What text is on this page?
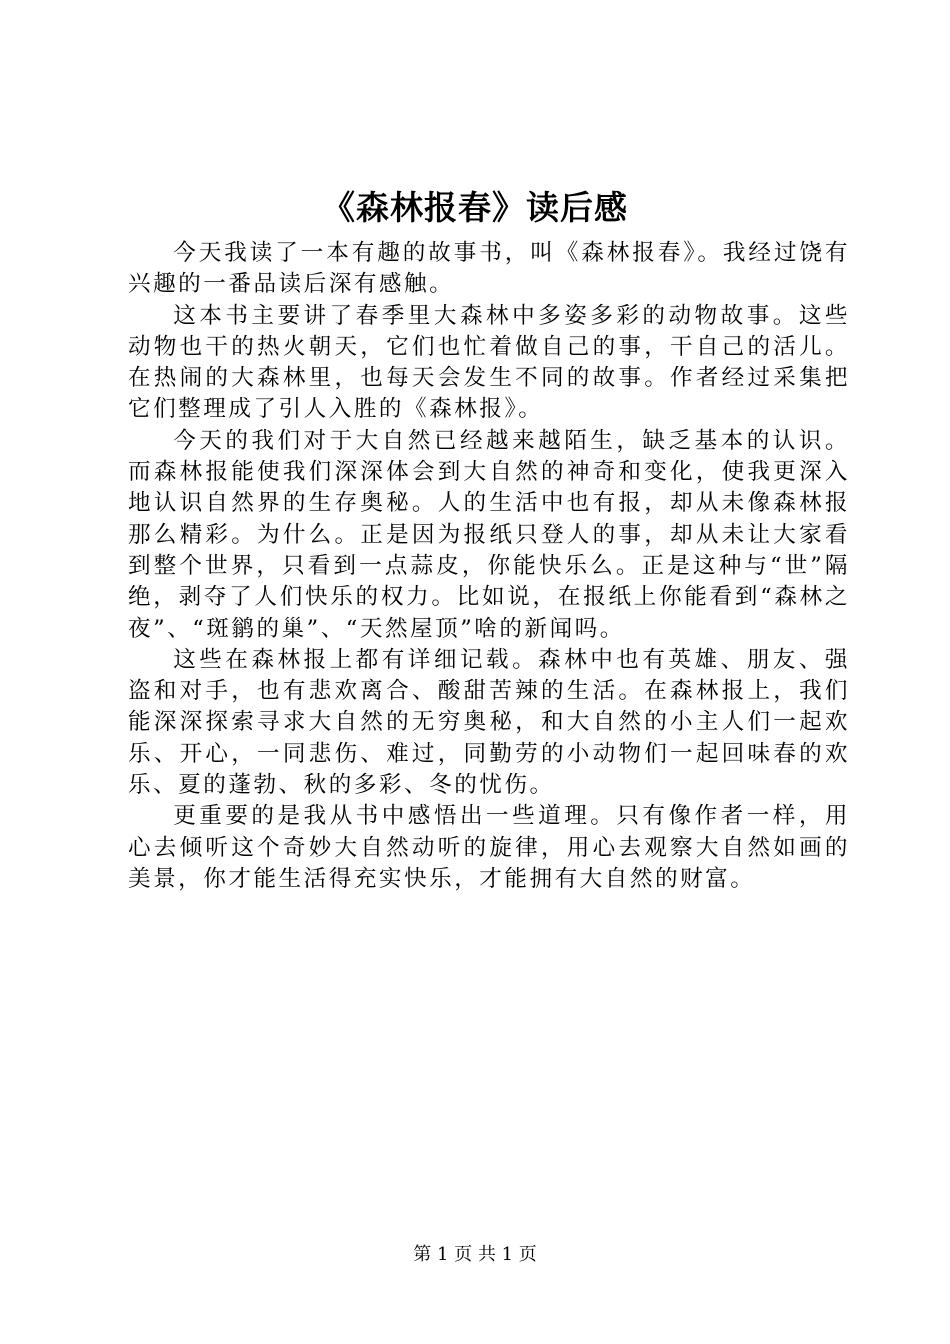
《森林报春》读后感

今天我读了一本有趣的故事书，叫《森林报春》。我经过饶有兴趣的一番品读后深有感触。

这本书主要讲了春季里大森林中多姿多彩的动物故事。这些动物也干的热火朝天，它们也忙着做自己的事，干自己的活儿。在热闹的大森林里，也每天会发生不同的故事。作者经过采集把它们整理成了引人入胜的《森林报》。

今天的我们对于大自然已经越来越陌生，缺乏基本的认识。而森林报能使我们深深体会到大自然的神奇和变化，使我更深入地认识自然界的生存奥秘。人的生活中也有报，却从未像森林报那么精彩。为什么。正是因为报纸只登人的事，却从未让大家看到整个世界，只看到一点蒜皮，你能快乐么。正是这种与“世”隔绝，剥夺了人们快乐的权力。比如说，在报纸上你能看到“森林之夜”、“斑鹟的巢”、“天然屋顶”啥的新闻吗。

这些在森林报上都有详细记载。森林中也有英雄、朋友、强盗和对手，也有悲欢离合、酸甜苦辣的生活。在森林报上，我们能深深探索寻求大自然的无穷奥秘，和大自然的小主人们一起欢乐、开心，一同悲伤、难过，同勤劳的小动物们一起回味春的欢乐、夏的蓬勃、秋的多彩、冬的忧伤。

更重要的是我从书中感悟出一些道理。只有像作者一样，用心去倾听这个奇妙大自然动听的旋律，用心去观察大自然如画的美景，你才能生活得充实快乐，才能拥有大自然的财富。

第 1 页 共 1 页
